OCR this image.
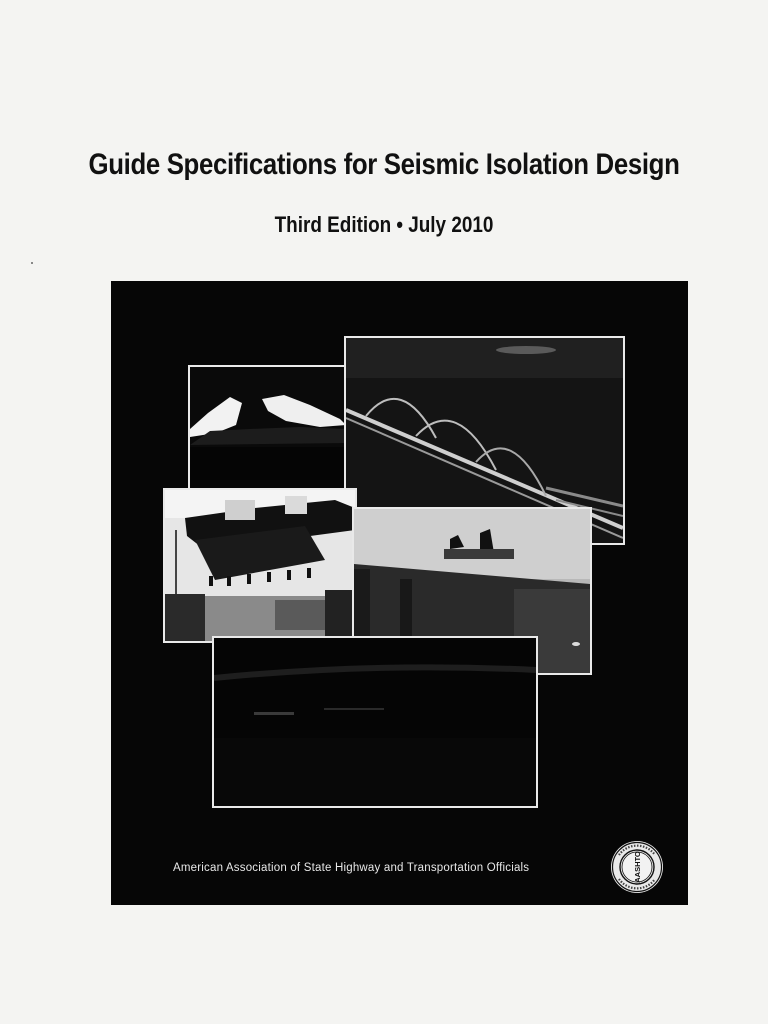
Guide Specifications for Seismic Isolation Design

Third Edition • July 2010

American Association of State Highway and Transportation Officials	AASHTO
